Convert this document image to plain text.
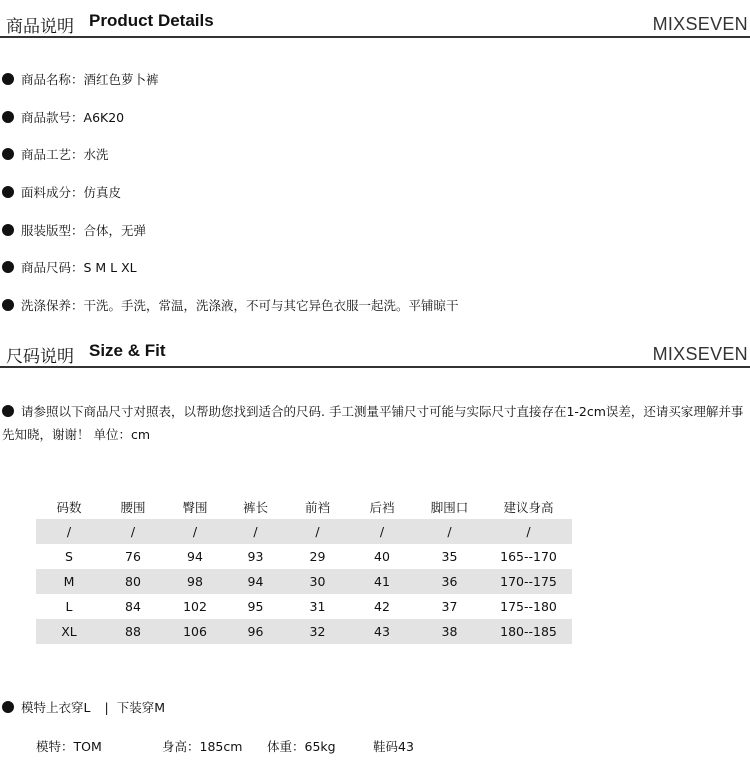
商品说明 Product Details	MIXSEVEN
商品名称：酒红色萝卜裤
商品款号：A6K20
商品工艺：水洗
面料成分：仿真皮
服装版型：合体，无弹
商品尺码：S M L XL
洗涤保养：干洗。手洗，常温，洗涤液，不可与其它异色衣服一起洗。平铺晾干
尺码说明 Size & Fit	MIXSEVEN
请参照以下商品尺寸对照表，以帮助您找到适合的尺码. 手工测量平铺尺寸可能与实际尺寸直接存在1-2cm误差，还请买家理解并事先知晓，谢谢！ 单位：cm
码数	腰围	臀围	裤长	前裆	后裆	脚围口	建议身高
/	/	/	/	/	/	/	/
S	76	94	93	29	40	35	165--170
M	80	98	94	30	41	36	170--175
L	84	102	95	31	42	37	175--180
XL	88	106	96	32	43	38	180--185
模特上衣穿L | 下装穿M
模特：TOM	身高：185cm 体重：65kg	鞋码43
